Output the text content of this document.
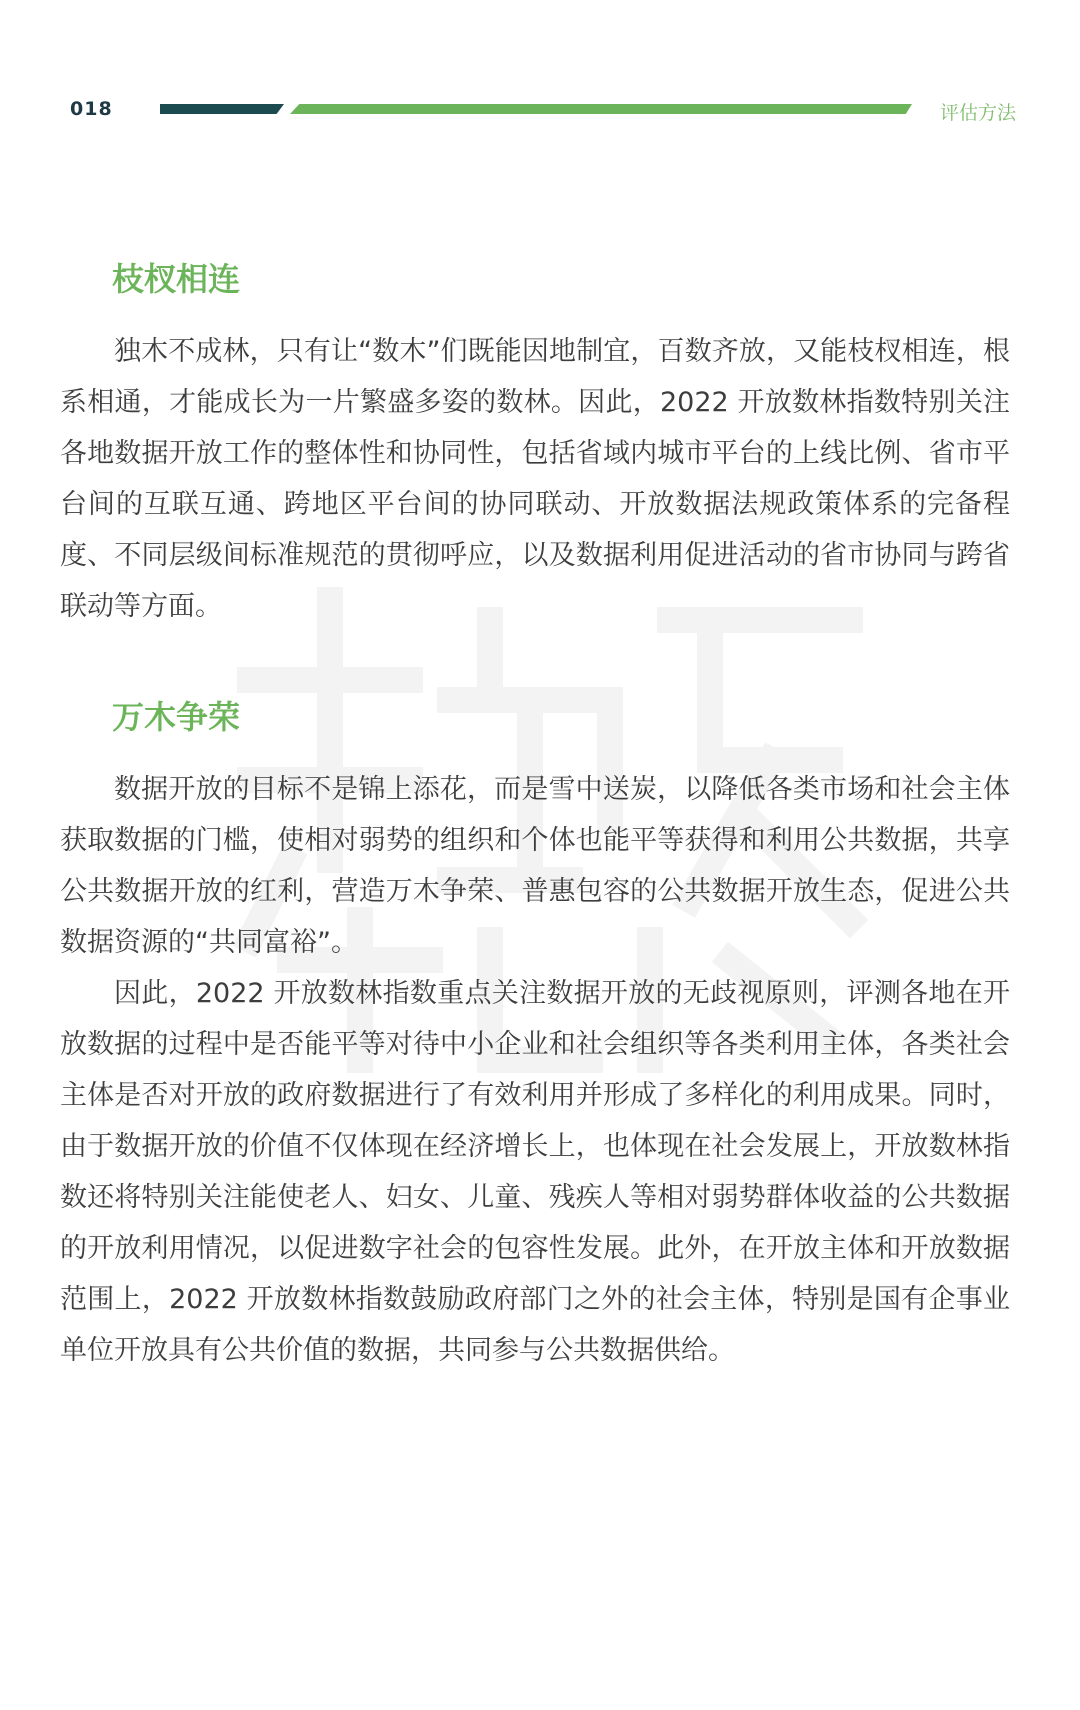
018	评估方法
枝杈相连

独木不成林，只有让“数木”们既能因地制宜，百数齐放，又能枝杈相连，根系相通，才能成长为一片繁盛多姿的数林。因此，2022 开放数林指数特别关注各地数据开放工作的整体性和协同性，包括省域内城市平台的上线比例、省市平台间的互联互通、跨地区平台间的协同联动、开放数据法规政策体系的完备程度、不同层级间标准规范的贯彻呼应，以及数据利用促进活动的省市协同与跨省联动等方面。

万木争荣

数据开放的目标不是锦上添花，而是雪中送炭，以降低各类市场和社会主体获取数据的门槛，使相对弱势的组织和个体也能平等获得和利用公共数据，共享公共数据开放的红利，营造万木争荣、普惠包容的公共数据开放生态，促进公共数据资源的“共同富裕”。

因此，2022 开放数林指数重点关注数据开放的无歧视原则，评测各地在开放数据的过程中是否能平等对待中小企业和社会组织等各类利用主体，各类社会主体是否对开放的政府数据进行了有效利用并形成了多样化的利用成果。同时，由于数据开放的价值不仅体现在经济增长上，也体现在社会发展上，开放数林指数还将特别关注能使老人、妇女、儿童、残疾人等相对弱势群体收益的公共数据的开放利用情况，以促进数字社会的包容性发展。此外，在开放主体和开放数据范围上，2022 开放数林指数鼓励政府部门之外的社会主体，特别是国有企事业单位开放具有公共价值的数据，共同参与公共数据供给。
